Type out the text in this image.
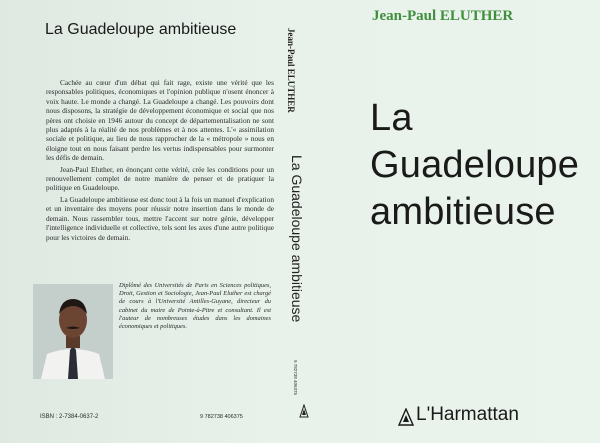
La Guadeloupe ambitieuse

Cachée au cœur d'un débat qui fait rage, existe une vérité que les responsables politiques, économiques et l'opinion publique n'osent énoncer à voix haute. Le monde a changé. La Guadeloupe a changé. Les pouvoirs dont nous disposons, la stratégie de développement économique et social que nos pères ont choisie en 1946 autour du concept de départementalisation ne sont plus adaptés à la réalité de nos problèmes et à nos attentes. L'« assimilation sociale et politique, au lieu de nous rapprocher de la « métropole » nous en éloigne tout en nous faisant perdre les vertus indispensables pour surmonter les défis de demain.

Jean-Paul Eluther, en énonçant cette vérité, crée les conditions pour un renouvellement complet de notre manière de penser et de pratiquer la politique en Guadeloupe.

La Guadeloupe ambitieuse est donc tout à la fois un manuel d'explication et un inventaire des moyens pour réussir notre insertion dans le monde de demain. Nous rassembler tous, mettre l'accent sur notre génie, développer l'intelligence individuelle et collective, tels sont les axes d'une autre politique pour les victoires de demain.

Diplômé des Universités de Paris en Sciences politiques, Droit, Gestion et Sociologie, Jean-Paul Eluther est chargé de cours à l'Université Antilles-Guyane, directeur du cabinet du maire de Pointe-à-Pitre et consultant. Il est l'auteur de nombreuses études dans les domaines économiques et politiques.
ISBN : 2-7384-0637-2	9 782738 406375
Jean-Paul ELUTHER
La Guadeloupe ambitieuse
9 782738 406375
Jean-Paul ELUTHER
La
Guadeloupe
ambitieuse
L'Harmattan
